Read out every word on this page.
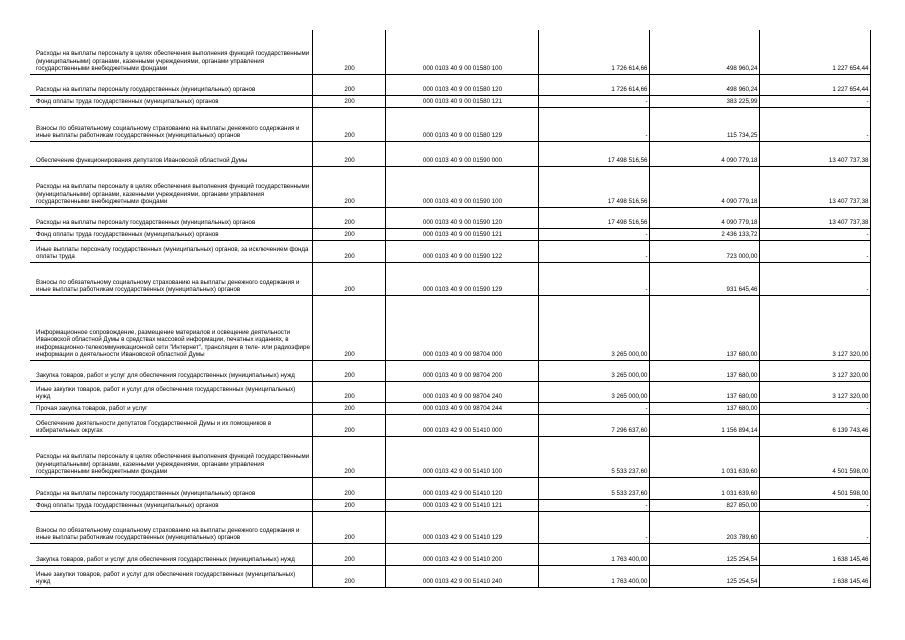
Расходы на выплаты персоналу в целях обеспечения выполнения функций государственными (муниципальными) органами, казенными учреждениями, органами управления государственными внебюджетными фондами	200	000 0103 40 9 00 01580 100	1 726 614,66	498 960,24	1 227 654,44
Расходы на выплаты персоналу государственных (муниципальных) органов	200	000 0103 40 9 00 01580 120	1 726 614,66	498 960,24	1 227 654,44
Фонд оплаты труда государственных (муниципальных) органов	200	000 0103 40 9 00 01580 121	-	383 225,99	-
Взносы по обязательному социальному страхованию на выплаты денежного содержания и иные выплаты работникам государственных (муниципальных) органов	200	000 0103 40 9 00 01580 129	-	115 734,25	-
Обеспечение функционирования депутатов Ивановской областной Думы	200	000 0103 40 9 00 01590 000	17 498 516,56	4 090 779,18	13 407 737,38
Расходы на выплаты персоналу в целях обеспечения выполнения функций государственными (муниципальными) органами, казенными учреждениями, органами управления государственными внебюджетными фондами	200	000 0103 40 9 00 01590 100	17 498 516,56	4 090 779,18	13 407 737,38
Расходы на выплаты персоналу государственных (муниципальных) органов	200	000 0103 40 9 00 01590 120	17 498 516,56	4 090 779,18	13 407 737,38
Фонд оплаты труда государственных (муниципальных) органов	200	000 0103 40 9 00 01590 121	-	2 436 133,72	-
Иные выплаты персоналу государственных (муниципальных) органов, за исключением фонда оплаты труда	200	000 0103 40 9 00 01590 122	-	723 000,00	-
Взносы по обязательному социальному страхованию на выплаты денежного содержания и иные выплаты работникам государственных (муниципальных) органов	200	000 0103 40 9 00 01590 129	-	931 645,46	-
Информационное сопровождение, размещение материалов и освещение деятельности Ивановской областной Думы в средствах массовой информации, печатных изданиях, в информационно-телекоммуникационной сети "Интернет", трансляции в теле- или радиоэфире информации о деятельности Ивановской областной Думы	200	000 0103 40 9 00 98704 000	3 265 000,00	137 680,00	3 127 320,00
Закупка товаров, работ и услуг для обеспечения государственных (муниципальных) нужд	200	000 0103 40 9 00 98704 200	3 265 000,00	137 680,00	3 127 320,00
Иные закупки товаров, работ и услуг для обеспечения государственных (муниципальных) нужд	200	000 0103 40 9 00 98704 240	3 265 000,00	137 680,00	3 127 320,00
Прочая закупка товаров, работ и услуг	200	000 0103 40 9 00 98704 244	-	137 680,00	-
Обеспечение деятельности депутатов Государственной Думы и их помощников в избирательных округах	200	000 0103 42 9 00 51410 000	7 296 637,60	1 156 894,14	6 139 743,46
Расходы на выплаты персоналу в целях обеспечения выполнения функций государственными (муниципальными) органами, казенными учреждениями, органами управления государственными внебюджетными фондами	200	000 0103 42 9 00 51410 100	5 533 237,60	1 031 639,60	4 501 598,00
Расходы на выплаты персоналу государственных (муниципальных) органов	200	000 0103 42 9 00 51410 120	5 533 237,60	1 031 639,60	4 501 598,00
Фонд оплаты труда государственных (муниципальных) органов	200	000 0103 42 9 00 51410 121	-	827 850,00	-
Взносы по обязательному социальному страхованию на выплаты денежного содержания и иные выплаты работникам государственных (муниципальных) органов	200	000 0103 42 9 00 51410 129	-	203 789,60	-
Закупка товаров, работ и услуг для обеспечения государственных (муниципальных) нужд	200	000 0103 42 9 00 51410 200	1 763 400,00	125 254,54	1 638 145,46
Иные закупки товаров, работ и услуг для обеспечения государственных (муниципальных) нужд	200	000 0103 42 9 00 51410 240	1 763 400,00	125 254,54	1 638 145,46
